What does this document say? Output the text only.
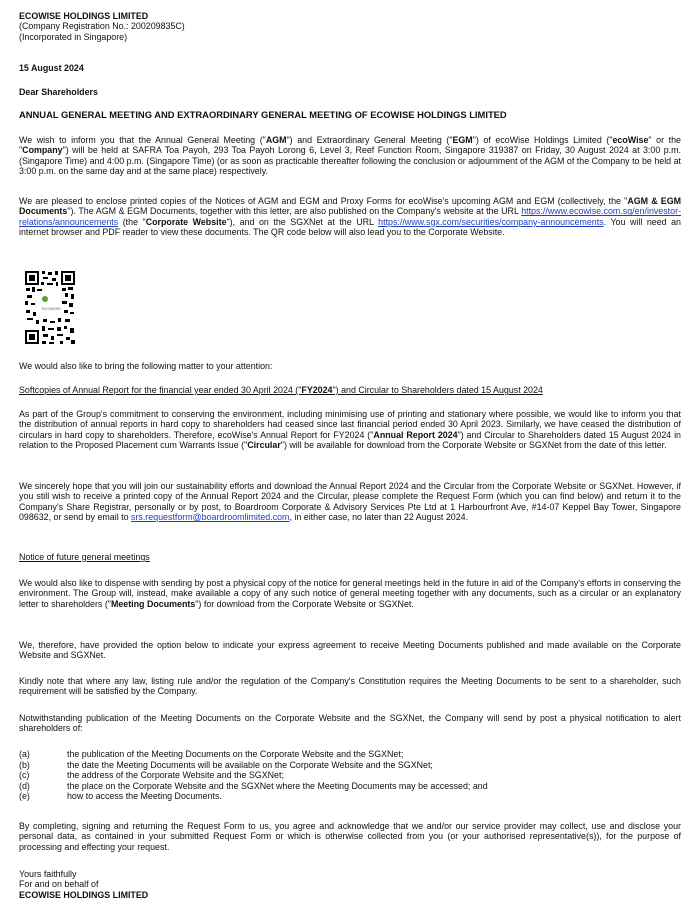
ECOWISE HOLDINGS LIMITED
(Company Registration No.: 200209835C)
(Incorporated in Singapore)
15 August 2024
Dear Shareholders
ANNUAL GENERAL MEETING AND EXTRAORDINARY GENERAL MEETING OF ECOWISE HOLDINGS LIMITED

We wish to inform you that the Annual General Meeting ("AGM") and Extraordinary General Meeting ("EGM") of ecoWise Holdings Limited ("ecoWise" or the "Company") will be held at SAFRA Toa Payoh, 293 Toa Payoh Lorong 6, Level 3, Reef Function Room, Singapore 319387 on Friday, 30 August 2024 at 3:00 p.m. (Singapore Time) and 4:00 p.m. (Singapore Time) (or as soon as practicable thereafter following the conclusion or adjournment of the AGM of the Company to be held at 3:00 p.m. on the same day and at the same place) respectively.

We are pleased to enclose printed copies of the Notices of AGM and EGM and Proxy Forms for ecoWise's upcoming AGM and EGM (collectively, the "AGM & EGM Documents"). The AGM & EGM Documents, together with this letter, are also published on the Company's website at the URL https://www.ecowise.com.sg/en/investor-relations/announcements (the "Corporate Website"), and on the SGXNet at the URL https://www.sgx.com/securities/company-announcements. You will need an internet browser and PDF reader to view these documents. The QR code below will also lead you to the Corporate Website.

ECOWISE
We would also like to bring the following matter to your attention:
Softcopies of Annual Report for the financial year ended 30 April 2024 ("FY2024") and Circular to Shareholders dated 15 August 2024

As part of the Group's commitment to conserving the environment, including minimising use of printing and stationary where possible, we would like to inform you that the distribution of annual reports in hard copy to shareholders had ceased since last financial period ended 30 April 2023. Similarly, we have ceased the distribution of circulars in hard copy to shareholders. Therefore, ecoWise's Annual Report for FY2024 ("Annual Report 2024") and Circular to Shareholders dated 15 August 2024 in relation to the Proposed Placement cum Warrants Issue ("Circular") will be available for download from the Corporate Website or SGXNet from the date of this letter.

We sincerely hope that you will join our sustainability efforts and download the Annual Report 2024 and the Circular from the Corporate Website or SGXNet. However, if you still wish to receive a printed copy of the Annual Report 2024 and the Circular, please complete the Request Form (which you can find below) and return it to the Company's Share Registrar, personally or by post, to Boardroom Corporate & Advisory Services Pte Ltd at 1 Harbourfront Ave, #14-07 Keppel Bay Tower, Singapore 098632, or send by email to srs.requestform@boardroomlimited.com, in either case, no later than 22 August 2024.

Notice of future general meetings

We would also like to dispense with sending by post a physical copy of the notice for general meetings held in the future in aid of the Company's efforts in conserving the environment. The Group will, instead, make available a copy of any such notice of general meeting together with any documents, such as a circular or an explanatory letter to shareholders ("Meeting Documents") for download from the Corporate Website or SGXNet.

We, therefore, have provided the option below to indicate your express agreement to receive Meeting Documents published and made available on the Corporate Website and SGXNet.

Kindly note that where any law, listing rule and/or the regulation of the Company's Constitution requires the Meeting Documents to be sent to a shareholder, such requirement will be satisfied by the Company.

Notwithstanding publication of the Meeting Documents on the Corporate Website and the SGXNet, the Company will send by post a physical notification to alert shareholders of:

(a)	the publication of the Meeting Documents on the Corporate Website and the SGXNet;
(b)	the date the Meeting Documents will be available on the Corporate Website and the SGXNet;
(c)	the address of the Corporate Website and the SGXNet;
(d)	the place on the Corporate Website and the SGXNet where the Meeting Documents may be accessed; and
(e)	how to access the Meeting Documents.

By completing, signing and returning the Request Form to us, you agree and acknowledge that we and/or our service provider may collect, use and disclose your personal data, as contained in your submitted Request Form or which is otherwise collected from you (or your authorised representative(s)), for the purpose of processing and effecting your request.

Yours faithfully
For and on behalf of
ECOWISE HOLDINGS LIMITED
